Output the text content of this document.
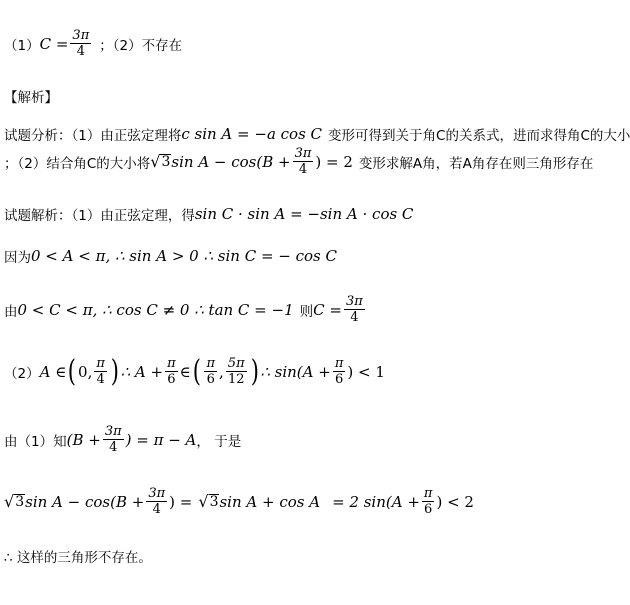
（1） $C = \frac{3\pi}{4}$ ；（2）不存在
【解析】
试题分析：（1）由正弦定理将 c sin A = −a cos C 变形可得到关于角C的关系式，进而求得角C的大小
；（2）结合角C的大小将 √ 3 $\sin A - \cos(B + \frac{3\pi}{4}$ ) = 2 变形求解A角，若A角存在则三角形存在
试题解析：（1）由正弦定理，得 sin C · sin A = −sin A · cos C
因为 0 < A < π, ∴ sin A > 0 ∴ sin C = − cos C
由 0 < C < π, ∴ cos C ≠ 0 ∴ tan C = −1 则 $C = \frac{3\pi}{4}$
（2） A ∈ ( 0, $\frac{\pi}{4}$ ) ∴ $A + \frac{\pi}{6}$ ∈ ( $\frac{\pi}{6}$ , $\frac{5\pi}{12}$ ) ∴ $\sin(A + \frac{\pi}{6}$ ) < 1
由（1）知 ($B + \frac{3\pi}{4}$ ) = π − A ， 于是
√ 3 $\sin A - \cos(B + \frac{3\pi}{4}$ ) = √ 3 sin A + cos A = 2 $\sin(A + \frac{\pi}{6}$ ) < 2
∴ 这样的三角形不存在。
